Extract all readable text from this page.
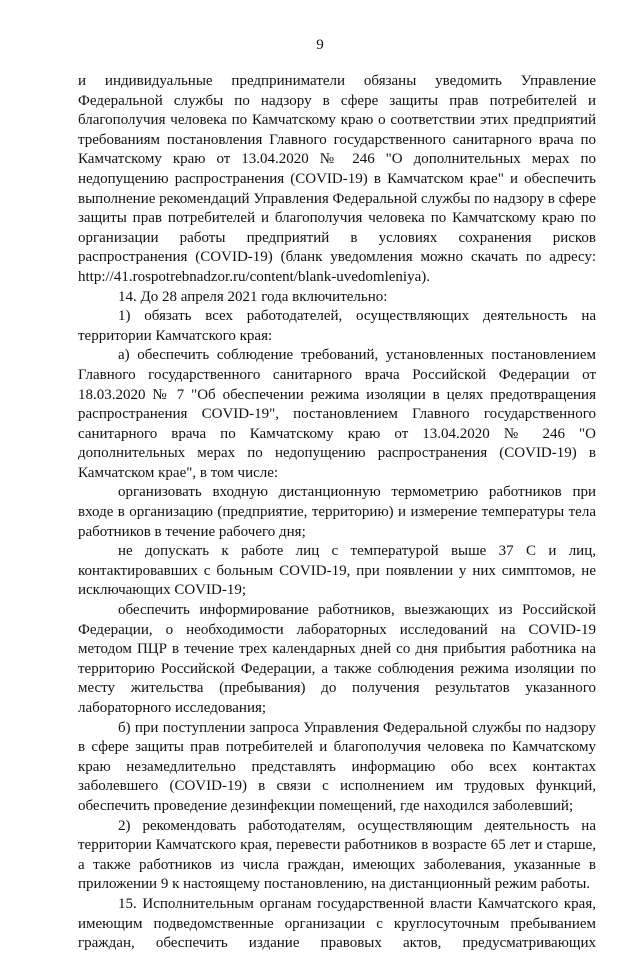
9

и индивидуальные предприниматели обязаны уведомить Управление Федеральной службы по надзору в сфере защиты прав потребителей и благополучия человека по Камчатскому краю о соответствии этих предприятий требованиям постановления Главного государственного санитарного врача по Камчатскому краю от 13.04.2020 № 246 "О дополнительных мерах по недопущению распространения (COVID-19) в Камчатском крае" и обеспечить выполнение рекомендаций Управления Федеральной службы по надзору в сфере защиты прав потребителей и благополучия человека по Камчатскому краю по организации работы предприятий в условиях сохранения рисков распространения (COVID-19) (бланк уведомления можно скачать по адресу: http://41.rospotrebnadzor.ru/content/blank-uvedomleniya).

14. До 28 апреля 2021 года включительно:

1) обязать всех работодателей, осуществляющих деятельность на территории Камчатского края:

а) обеспечить соблюдение требований, установленных постановлением Главного государственного санитарного врача Российской Федерации от 18.03.2020 № 7 "Об обеспечении режима изоляции в целях предотвращения распространения COVID-19", постановлением Главного государственного санитарного врача по Камчатскому краю от 13.04.2020 № 246 "О дополнительных мерах по недопущению распространения (COVID-19) в Камчатском крае", в том числе:

организовать входную дистанционную термометрию работников при входе в организацию (предприятие, территорию) и измерение температуры тела работников в течение рабочего дня;

не допускать к работе лиц с температурой выше 37 С и лиц, контактировавших с больным COVID-19, при появлении у них симптомов, не исключающих COVID-19;

обеспечить информирование работников, выезжающих из Российской Федерации, о необходимости лабораторных исследований на COVID-19 методом ПЦР в течение трех календарных дней со дня прибытия работника на территорию Российской Федерации, а также соблюдения режима изоляции по месту жительства (пребывания) до получения результатов указанного лабораторного исследования;

б) при поступлении запроса Управления Федеральной службы по надзору в сфере защиты прав потребителей и благополучия человека по Камчатскому краю незамедлительно представлять информацию обо всех контактах заболевшего (COVID-19) в связи с исполнением им трудовых функций, обеспечить проведение дезинфекции помещений, где находился заболевший;

2) рекомендовать работодателям, осуществляющим деятельность на территории Камчатского края, перевести работников в возрасте 65 лет и старше, а также работников из числа граждан, имеющих заболевания, указанные в приложении 9 к настоящему постановлению, на дистанционный режим работы.

15. Исполнительным органам государственной власти Камчатского края, имеющим подведомственные организации с круглосуточным пребыванием граждан, обеспечить издание правовых актов, предусматривающих
